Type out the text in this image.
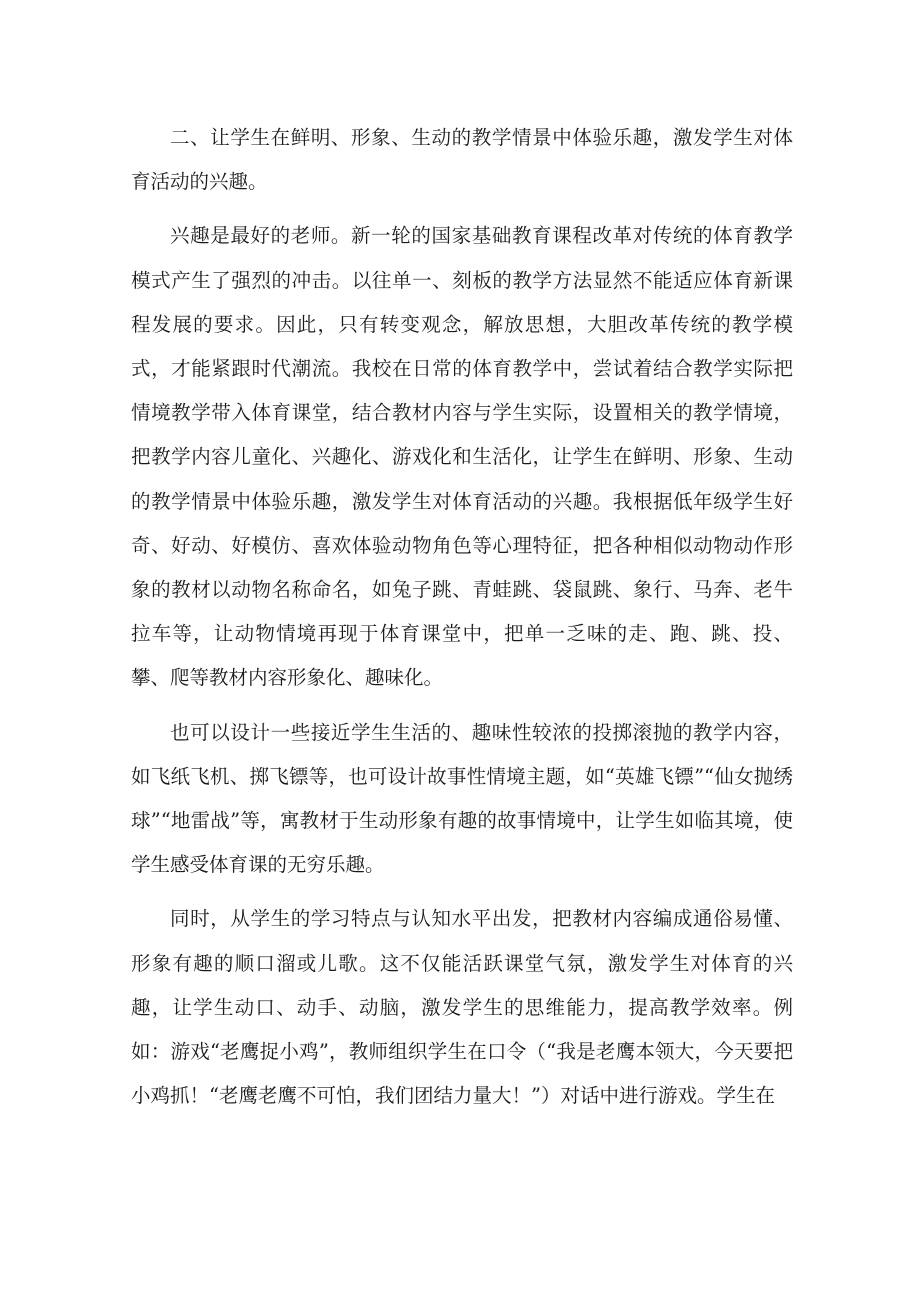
二、让学生在鲜明、形象、生动的教学情景中体验乐趣，激发学生对体育活动的兴趣。

兴趣是最好的老师。新一轮的国家基础教育课程改革对传统的体育教学模式产生了强烈的冲击。以往单一、刻板的教学方法显然不能适应体育新课程发展的要求。因此，只有转变观念，解放思想，大胆改革传统的教学模式，才能紧跟时代潮流。我校在日常的体育教学中，尝试着结合教学实际把情境教学带入体育课堂，结合教材内容与学生实际，设置相关的教学情境，把教学内容儿童化、兴趣化、游戏化和生活化，让学生在鲜明、形象、生动的教学情景中体验乐趣，激发学生对体育活动的兴趣。我根据低年级学生好奇、好动、好模仿、喜欢体验动物角色等心理特征，把各种相似动物动作形象的教材以动物名称命名，如兔子跳、青蛙跳、袋鼠跳、象行、马奔、老牛拉车等，让动物情境再现于体育课堂中，把单一乏味的走、跑、跳、投、攀、爬等教材内容形象化、趣味化。

也可以设计一些接近学生生活的、趣味性较浓的投掷滚抛的教学内容，如飞纸飞机、掷飞镖等，也可设计故事性情境主题，如“英雄飞镖”“仙女抛绣球”“地雷战”等，寓教材于生动形象有趣的故事情境中，让学生如临其境，使学生感受体育课的无穷乐趣。

同时，从学生的学习特点与认知水平出发，把教材内容编成通俗易懂、形象有趣的顺口溜或儿歌。这不仅能活跃课堂气氛，激发学生对体育的兴趣，让学生动口、动手、动脑，激发学生的思维能力，提高教学效率。例如：游戏“老鹰捉小鸡”，教师组织学生在口令（“我是老鹰本领大，今天要把小鸡抓！“老鹰老鹰不可怕，我们团结力量大！”）对话中进行游戏。学生在
